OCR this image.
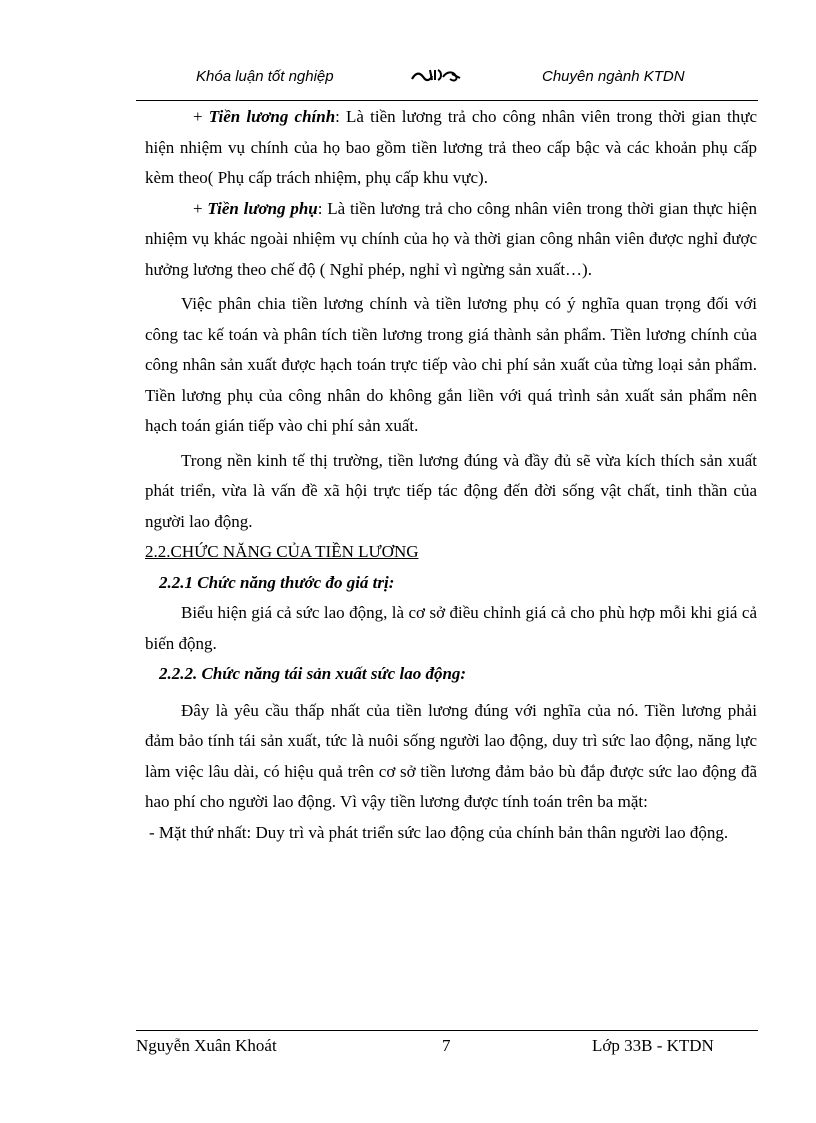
Khóa luận tốt nghiệp	Chuyên ngành KTDN

+ Tiền lương chính: Là tiền lương trả cho công nhân viên trong thời gian thực hiện nhiệm vụ chính của họ bao gồm tiền lương trả theo cấp bậc và các khoản phụ cấp kèm theo( Phụ cấp trách nhiệm, phụ cấp khu vực).

+ Tiền lương phụ: Là tiền lương trả cho công nhân viên trong thời gian thực hiện nhiệm vụ khác ngoài nhiệm vụ chính của họ và thời gian công nhân viên được nghỉ được hưởng lương theo chế độ ( Nghỉ phép, nghỉ vì ngừng sản xuất…).

Việc phân chia tiền lương chính và tiền lương phụ có ý nghĩa quan trọng đối với công tac kế toán và phân tích tiền lương trong giá thành sản phẩm. Tiền lương chính của công nhân sản xuất được hạch toán trực tiếp vào chi phí sản xuất của từng loại sản phẩm. Tiền lương phụ của công nhân do không gắn liền với quá trình sản xuất sản phẩm nên hạch toán gián tiếp vào chi phí sản xuất.

Trong nền kinh tế thị trường, tiền lương đúng và đầy đủ sẽ vừa kích thích sản xuất phát triển, vừa là vấn đề xã hội trực tiếp tác động đến đời sống vật chất, tinh thần của người lao động.

2.2.CHỨC NĂNG CỦA TIỀN LƯƠNG

2.2.1 Chức năng thước đo giá trị:

Biểu hiện giá cả sức lao động, là cơ sở điều chỉnh giá cả cho phù hợp mỗi khi giá cả biến động.

2.2.2. Chức năng tái sản xuất sức lao động:

Đây là yêu cầu thấp nhất của tiền lương đúng với nghĩa của nó. Tiền lương phải đảm bảo tính tái sản xuất, tức là nuôi sống người lao động, duy trì sức lao động, năng lực làm việc lâu dài, có hiệu quả trên cơ sở tiền lương đảm bảo bù đắp được sức lao động đã hao phí cho người lao động. Vì vậy tiền lương được tính toán trên ba mặt:

- Mặt thứ nhất: Duy trì và phát triển sức lao động của chính bản thân người lao động.

Nguyễn Xuân Khoát	7	Lớp 33B - KTDN
